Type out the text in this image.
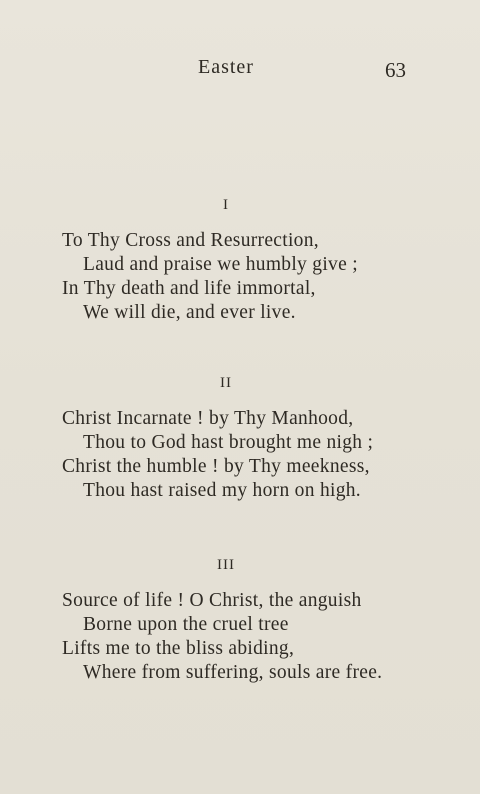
Easter	63
I
To Thy Cross and Resurrection,
Laud and praise we humbly give ;
In Thy death and life immortal,
We will die, and ever live.
II
Christ Incarnate ! by Thy Manhood,
Thou to God hast brought me nigh ;
Christ the humble ! by Thy meekness,
Thou hast raised my horn on high.
III
Source of life ! O Christ, the anguish
Borne upon the cruel tree
Lifts me to the bliss abiding,
Where from suffering, souls are free.
